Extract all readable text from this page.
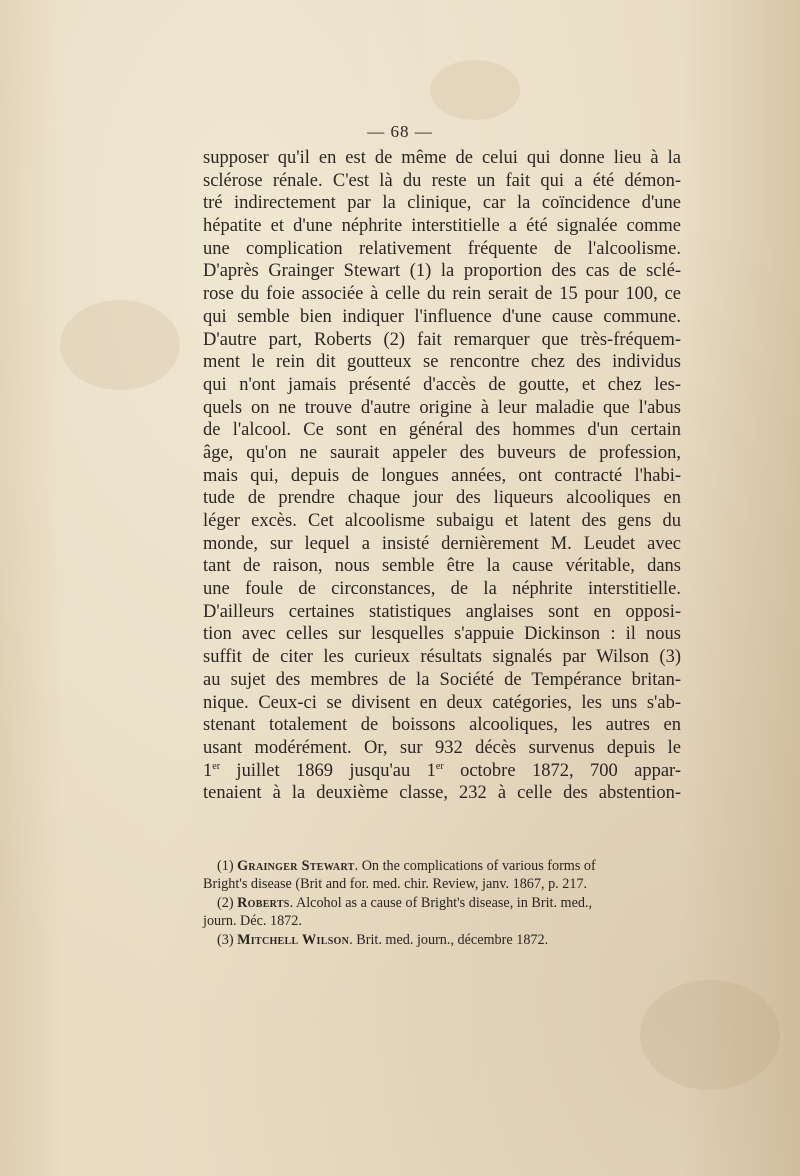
— 68 —
supposer qu'il en est de même de celui qui donne lieu à la
sclérose rénale. C'est là du reste un fait qui a été démon-
tré indirectement par la clinique, car la coïncidence d'une
hépatite et d'une néphrite interstitielle a été signalée comme
une complication relativement fréquente de l'alcoolisme.
D'après Grainger Stewart (1) la proportion des cas de sclé-
rose du foie associée à celle du rein serait de 15 pour 100, ce
qui semble bien indiquer l'influence d'une cause commune.
D'autre part, Roberts (2) fait remarquer que très-fréquem-
ment le rein dit goutteux se rencontre chez des individus
qui n'ont jamais présenté d'accès de goutte, et chez les-
quels on ne trouve d'autre origine à leur maladie que l'abus
de l'alcool. Ce sont en général des hommes d'un certain
âge, qu'on ne saurait appeler des buveurs de profession,
mais qui, depuis de longues années, ont contracté l'habi-
tude de prendre chaque jour des liqueurs alcooliques en
léger excès. Cet alcoolisme subaigu et latent des gens du
monde, sur lequel a insisté dernièrement M. Leudet avec
tant de raison, nous semble être la cause véritable, dans
une foule de circonstances, de la néphrite interstitielle.
D'ailleurs certaines statistiques anglaises sont en opposi-
tion avec celles sur lesquelles s'appuie Dickinson : il nous
suffit de citer les curieux résultats signalés par Wilson (3)
au sujet des membres de la Société de Tempérance britan-
nique. Ceux-ci se divisent en deux catégories, les uns s'ab-
stenant totalement de boissons alcooliques, les autres en
usant modérément. Or, sur 932 décès survenus depuis le
1er juillet 1869 jusqu'au 1er octobre 1872, 700 appar-
tenaient à la deuxième classe, 232 à celle des abstention-
(1) Grainger Stewart. On the complications of various forms of
Bright's disease (Brit and for. med. chir. Review, janv. 1867, p. 217.
(2) Roberts. Alcohol as a cause of Bright's disease, in Brit. med.,
journ. Déc. 1872.
(3) Mitchell Wilson. Brit. med. journ., décembre 1872.
